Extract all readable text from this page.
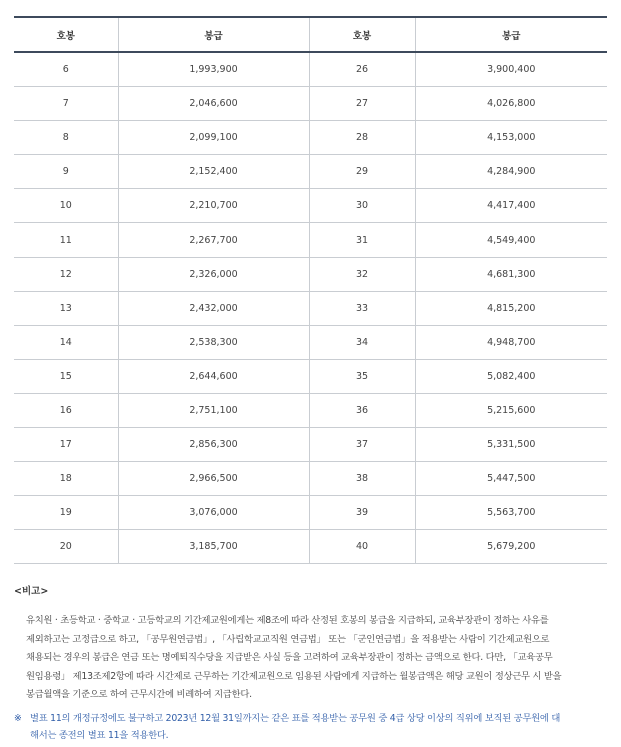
호봉	봉급	호봉	봉급
6	1,993,900	26	3,900,400
7	2,046,600	27	4,026,800
8	2,099,100	28	4,153,000
9	2,152,400	29	4,284,900
10	2,210,700	30	4,417,400
11	2,267,700	31	4,549,400
12	2,326,000	32	4,681,300
13	2,432,000	33	4,815,200
14	2,538,300	34	4,948,700
15	2,644,600	35	5,082,400
16	2,751,100	36	5,215,600
17	2,856,300	37	5,331,500
18	2,966,500	38	5,447,500
19	3,076,000	39	5,563,700
20	3,185,700	40	5,679,200
<비고>
유치원 · 초등학교 · 중학교 · 고등학교의 기간제교원에게는 제8조에 따라 산정된 호봉의 봉급을 지급하되, 교육부장관이 정하는 사유를
제외하고는 고정급으로 하고, 「공무원연금법」, 「사립학교교직원 연금법」 또는 「군인연금법」을 적용받는 사람이 기간제교원으로
채용되는 경우의 봉급은 연금 또는 명예퇴직수당을 지급받은 사실 등을 고려하여 교육부장관이 정하는 금액으로 한다. 다만, 「교육공무
원임용령」 제13조제2항에 따라 시간제로 근무하는 기간제교원으로 임용된 사람에게 지급하는 월봉급액은 해당 교원이 정상근무 시 받을
봉급월액을 기준으로 하여 근무시간에 비례하여 지급한다.
※ 별표 11의 개정규정에도 불구하고 2023년 12월 31일까지는 같은 표를 적용받는 공무원 중 4급 상당 이상의 직위에 보직된 공무원에 대
해서는 종전의 별표 11을 적용한다.
